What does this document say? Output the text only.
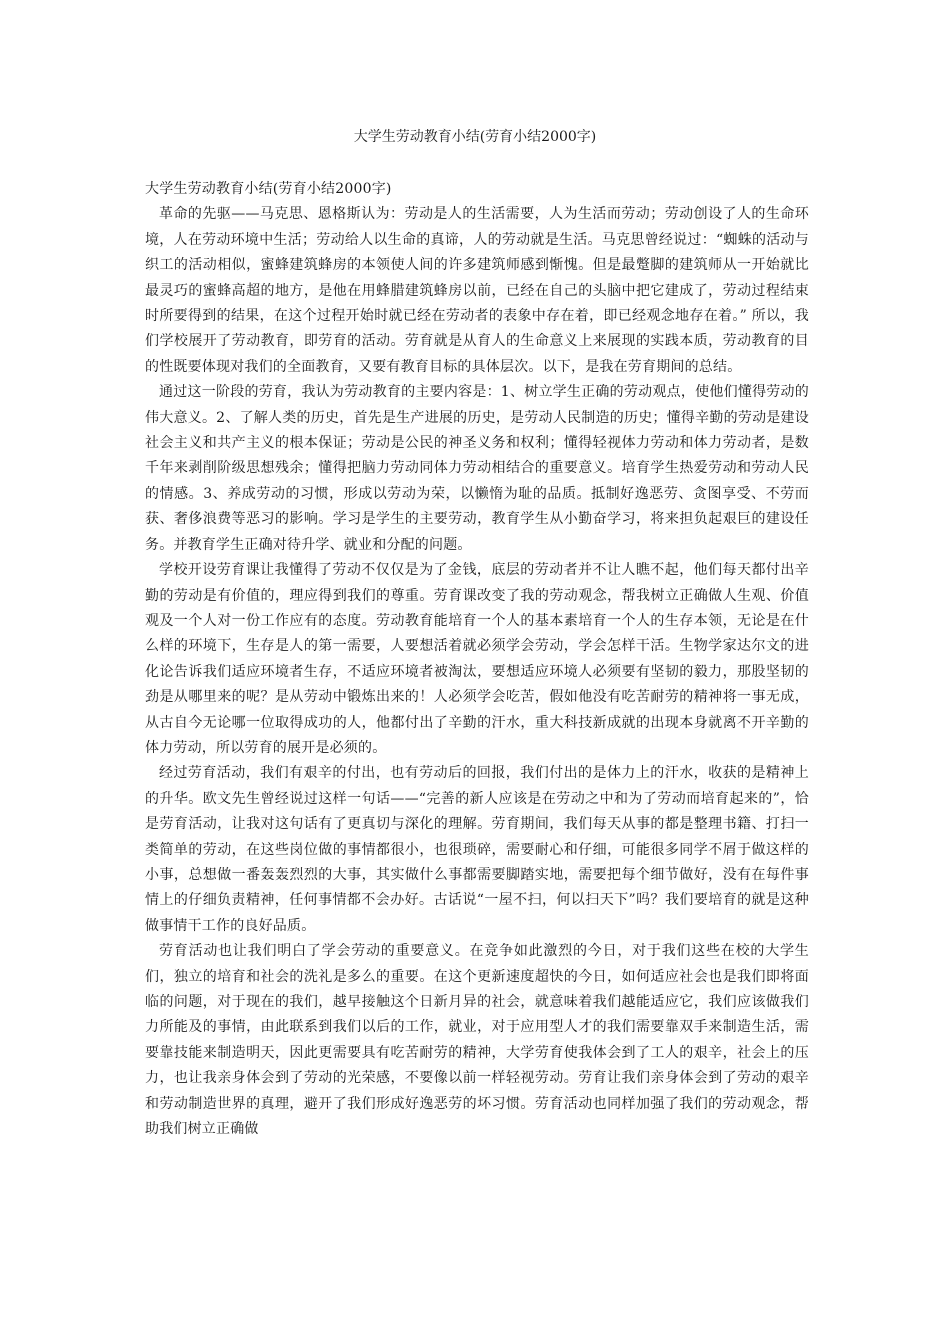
大学生劳动教育小结(劳育小结2000字)

大学生劳动教育小结(劳育小结2000字)

革命的先驱——马克思、恩格斯认为：劳动是人的生活需要，人为生活而劳动；劳动创设了人的生命环境，人在劳动环境中生活；劳动给人以生命的真谛，人的劳动就是生活。马克思曾经说过：“蜘蛛的活动与织工的活动相似，蜜蜂建筑蜂房的本领使人间的许多建筑师感到惭愧。但是最蹩脚的建筑师从一开始就比最灵巧的蜜蜂高超的地方，是他在用蜂腊建筑蜂房以前，已经在自己的头脑中把它建成了，劳动过程结束时所要得到的结果，在这个过程开始时就已经在劳动者的表象中存在着，即已经观念地存在着。” 所以，我们学校展开了劳动教育，即劳育的活动。劳育就是从育人的生命意义上来展现的实践本质，劳动教育的目的性既要体现对我们的全面教育，又要有教育目标的具体层次。以下，是我在劳育期间的总结。

通过这一阶段的劳育，我认为劳动教育的主要内容是：1、树立学生正确的劳动观点，使他们懂得劳动的伟大意义。2、了解人类的历史，首先是生产进展的历史，是劳动人民制造的历史；懂得辛勤的劳动是建设社会主义和共产主义的根本保证；劳动是公民的神圣义务和权利；懂得轻视体力劳动和体力劳动者，是数千年来剥削阶级思想残余；懂得把脑力劳动同体力劳动相结合的重要意义。培育学生热爱劳动和劳动人民的情感。3、养成劳动的习惯，形成以劳动为荣，以懒惰为耻的品质。抵制好逸恶劳、贪图享受、不劳而获、奢侈浪费等恶习的影响。学习是学生的主要劳动，教育学生从小勤奋学习，将来担负起艰巨的建设任务。并教育学生正确对待升学、就业和分配的问题。

学校开设劳育课让我懂得了劳动不仅仅是为了金钱，底层的劳动者并不让人瞧不起，他们每天都付出辛勤的劳动是有价值的，理应得到我们的尊重。劳育课改变了我的劳动观念，帮我树立正确做人生观、价值观及一个人对一份工作应有的态度。劳动教育能培育一个人的基本素培育一个人的生存本领，无论是在什么样的环境下，生存是人的第一需要，人要想活着就必须学会劳动，学会怎样干活。生物学家达尔文的进化论告诉我们适应环境者生存，不适应环境者被淘汰，要想适应环境人必须要有坚韧的毅力，那股坚韧的劲是从哪里来的呢？是从劳动中锻炼出来的！人必须学会吃苦，假如他没有吃苦耐劳的精神将一事无成，从古自今无论哪一位取得成功的人，他都付出了辛勤的汗水，重大科技新成就的出现本身就离不开辛勤的体力劳动，所以劳育的展开是必须的。

经过劳育活动，我们有艰辛的付出，也有劳动后的回报，我们付出的是体力上的汗水，收获的是精神上的升华。欧文先生曾经说过这样一句话——“完善的新人应该是在劳动之中和为了劳动而培育起来的”，恰是劳育活动，让我对这句话有了更真切与深化的理解。劳育期间，我们每天从事的都是整理书籍、打扫一类简单的劳动，在这些岗位做的事情都很小，也很琐碎，需要耐心和仔细，可能很多同学不屑于做这样的小事，总想做一番轰轰烈烈的大事，其实做什么事都需要脚踏实地，需要把每个细节做好，没有在每件事情上的仔细负责精神，任何事情都不会办好。古话说“一屋不扫，何以扫天下”吗？我们要培育的就是这种做事情干工作的良好品质。

劳育活动也让我们明白了学会劳动的重要意义。在竞争如此激烈的今日，对于我们这些在校的大学生们，独立的培育和社会的洗礼是多么的重要。在这个更新速度超快的今日，如何适应社会也是我们即将面临的问题，对于现在的我们，越早接触这个日新月异的社会，就意味着我们越能适应它，我们应该做我们力所能及的事情，由此联系到我们以后的工作，就业，对于应用型人才的我们需要靠双手来制造生活，需要靠技能来制造明天，因此更需要具有吃苦耐劳的精神，大学劳育使我体会到了工人的艰辛，社会上的压力，也让我亲身体会到了劳动的光荣感，不要像以前一样轻视劳动。劳育让我们亲身体会到了劳动的艰辛和劳动制造世界的真理，避开了我们形成好逸恶劳的坏习惯。劳育活动也同样加强了我们的劳动观念，帮助我们树立正确做
